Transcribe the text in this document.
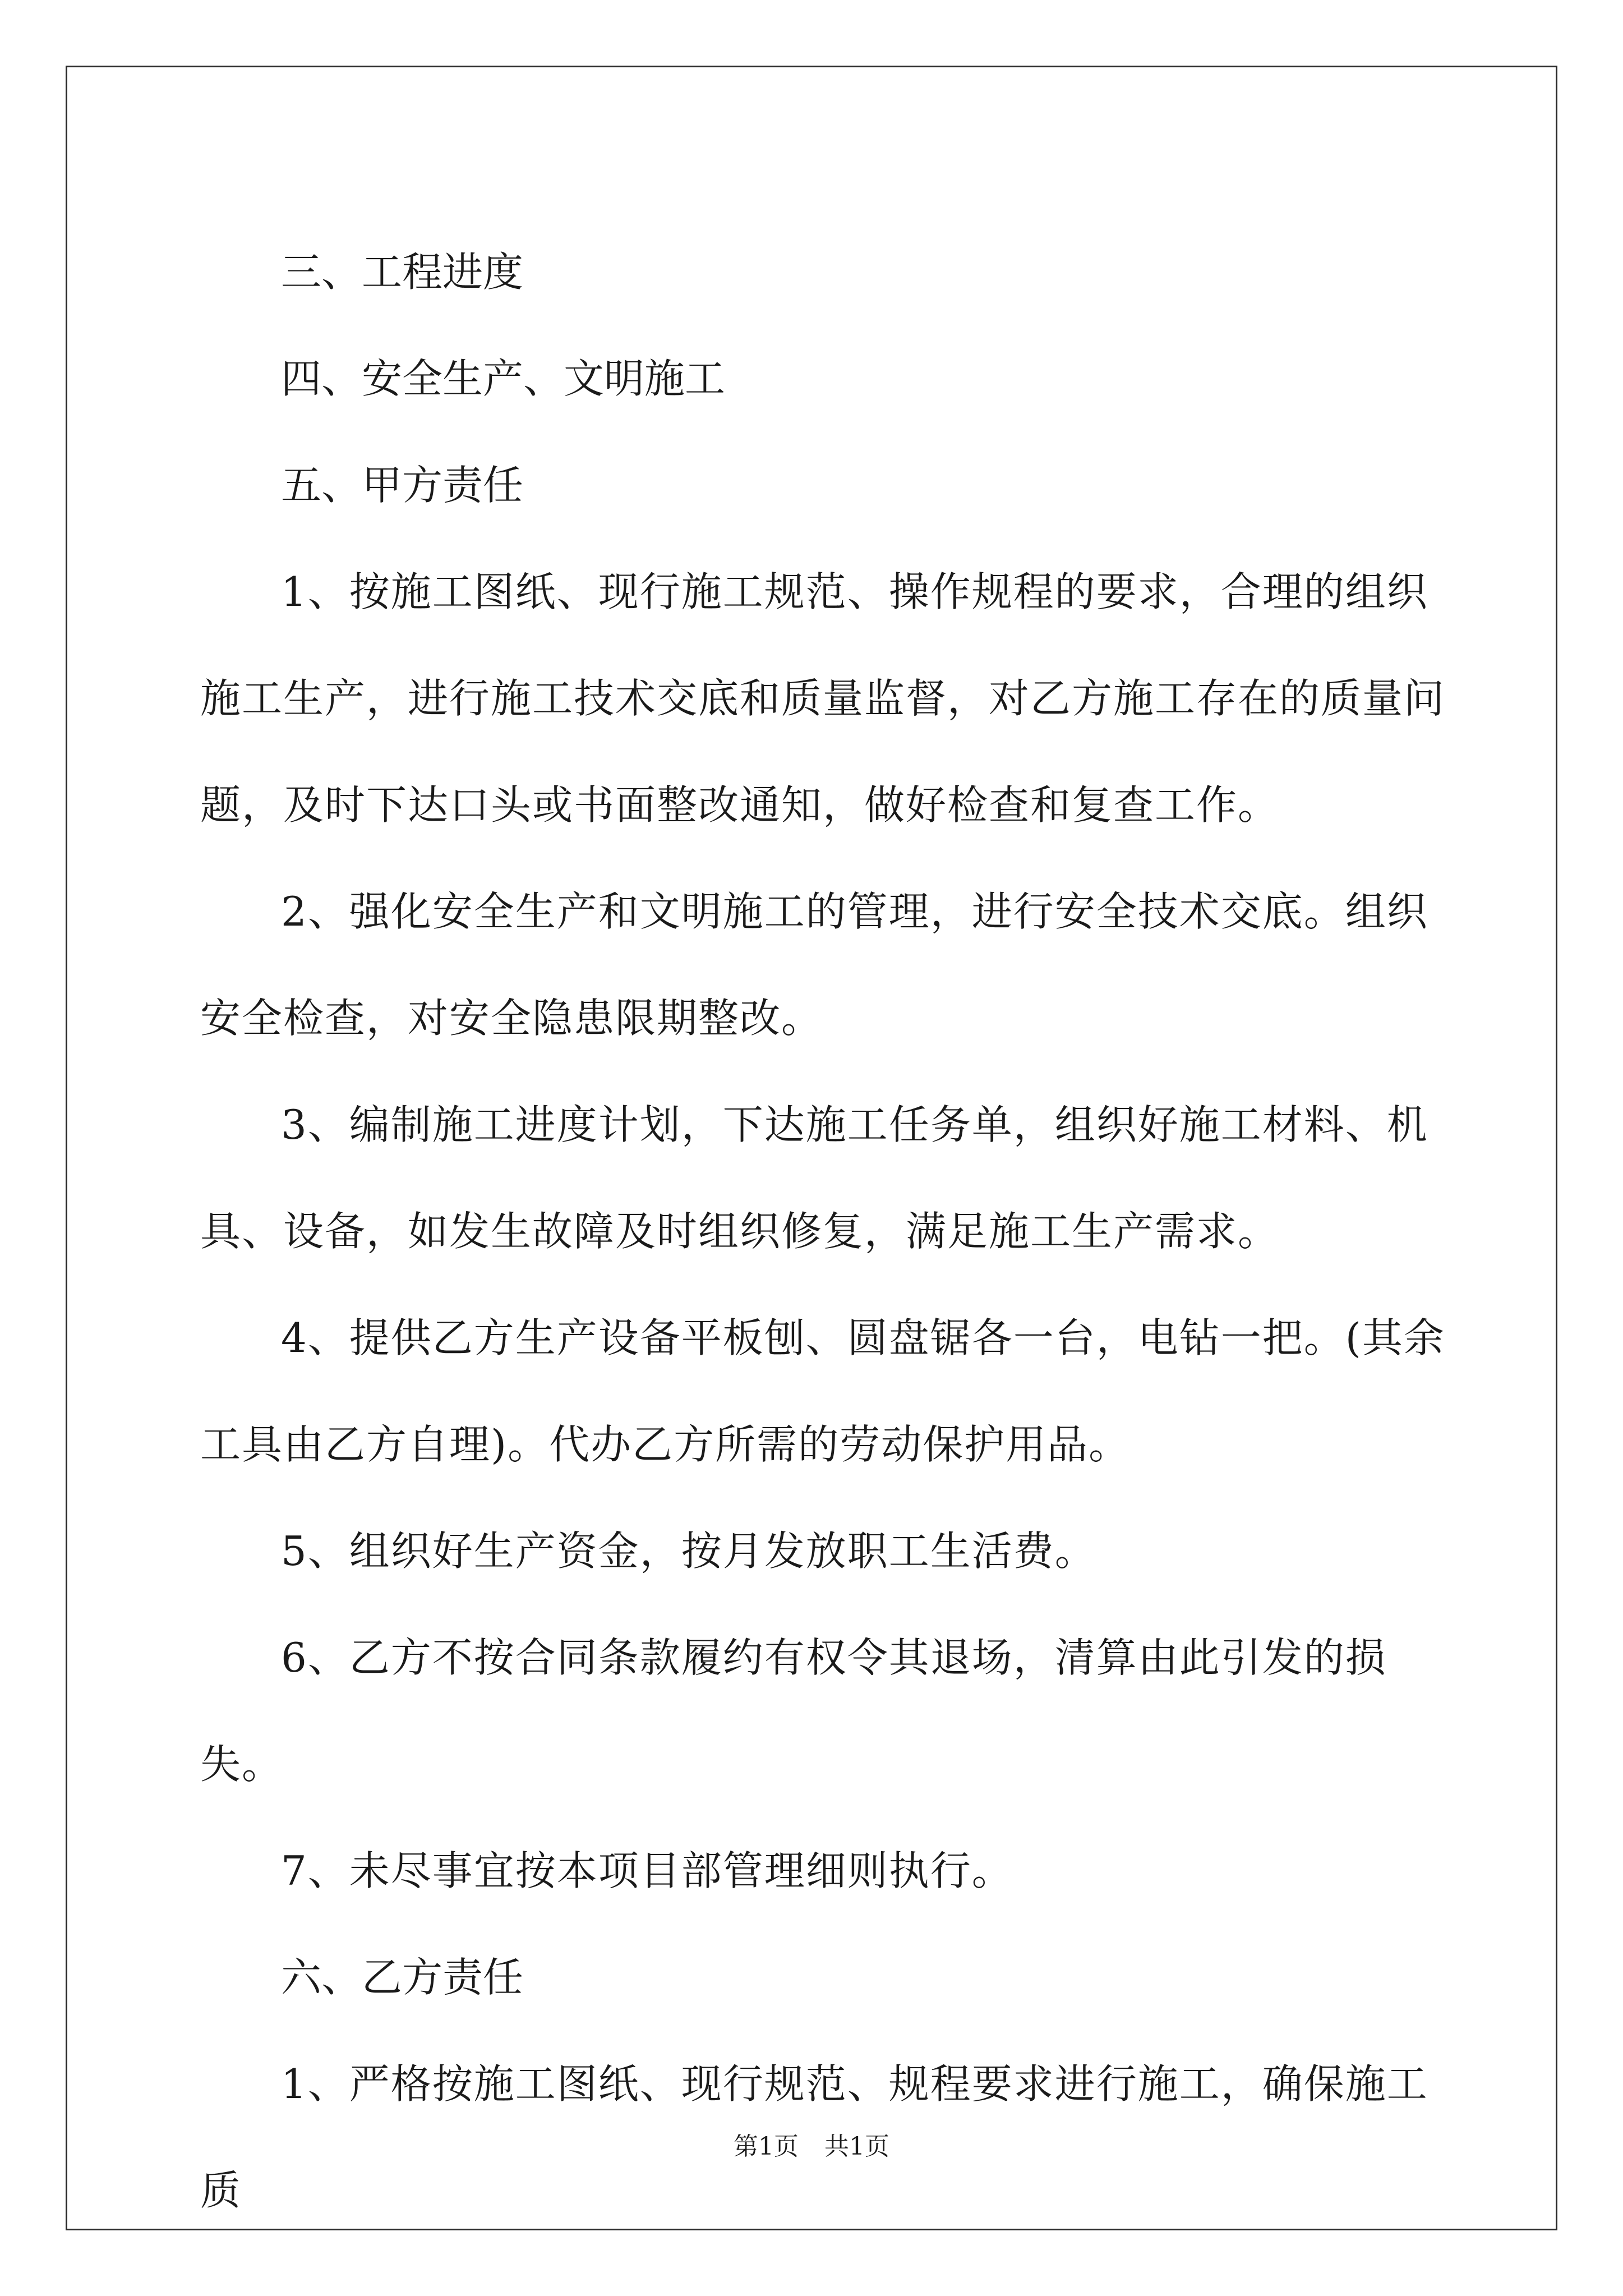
三、工程进度

四、安全生产、文明施工

五、甲方责任

1、按施工图纸、现行施工规范、操作规程的要求，合理的组织施工生产，进行施工技术交底和质量监督，对乙方施工存在的质量问题，及时下达口头或书面整改通知，做好检查和复查工作。

2、强化安全生产和文明施工的管理，进行安全技术交底。组织安全检查，对安全隐患限期整改。

3、编制施工进度计划，下达施工任务单，组织好施工材料、机具、设备，如发生故障及时组织修复，满足施工生产需求。

4、提供乙方生产设备平板刨、圆盘锯各一台，电钻一把。(其余工具由乙方自理)。代办乙方所需的劳动保护用品。

5、组织好生产资金，按月发放职工生活费。

6、乙方不按合同条款履约有权令其退场，清算由此引发的损失。

7、未尽事宜按本项目部管理细则执行。

六、乙方责任

1、严格按施工图纸、现行规范、规程要求进行施工，确保施工质

第1页 共1页
